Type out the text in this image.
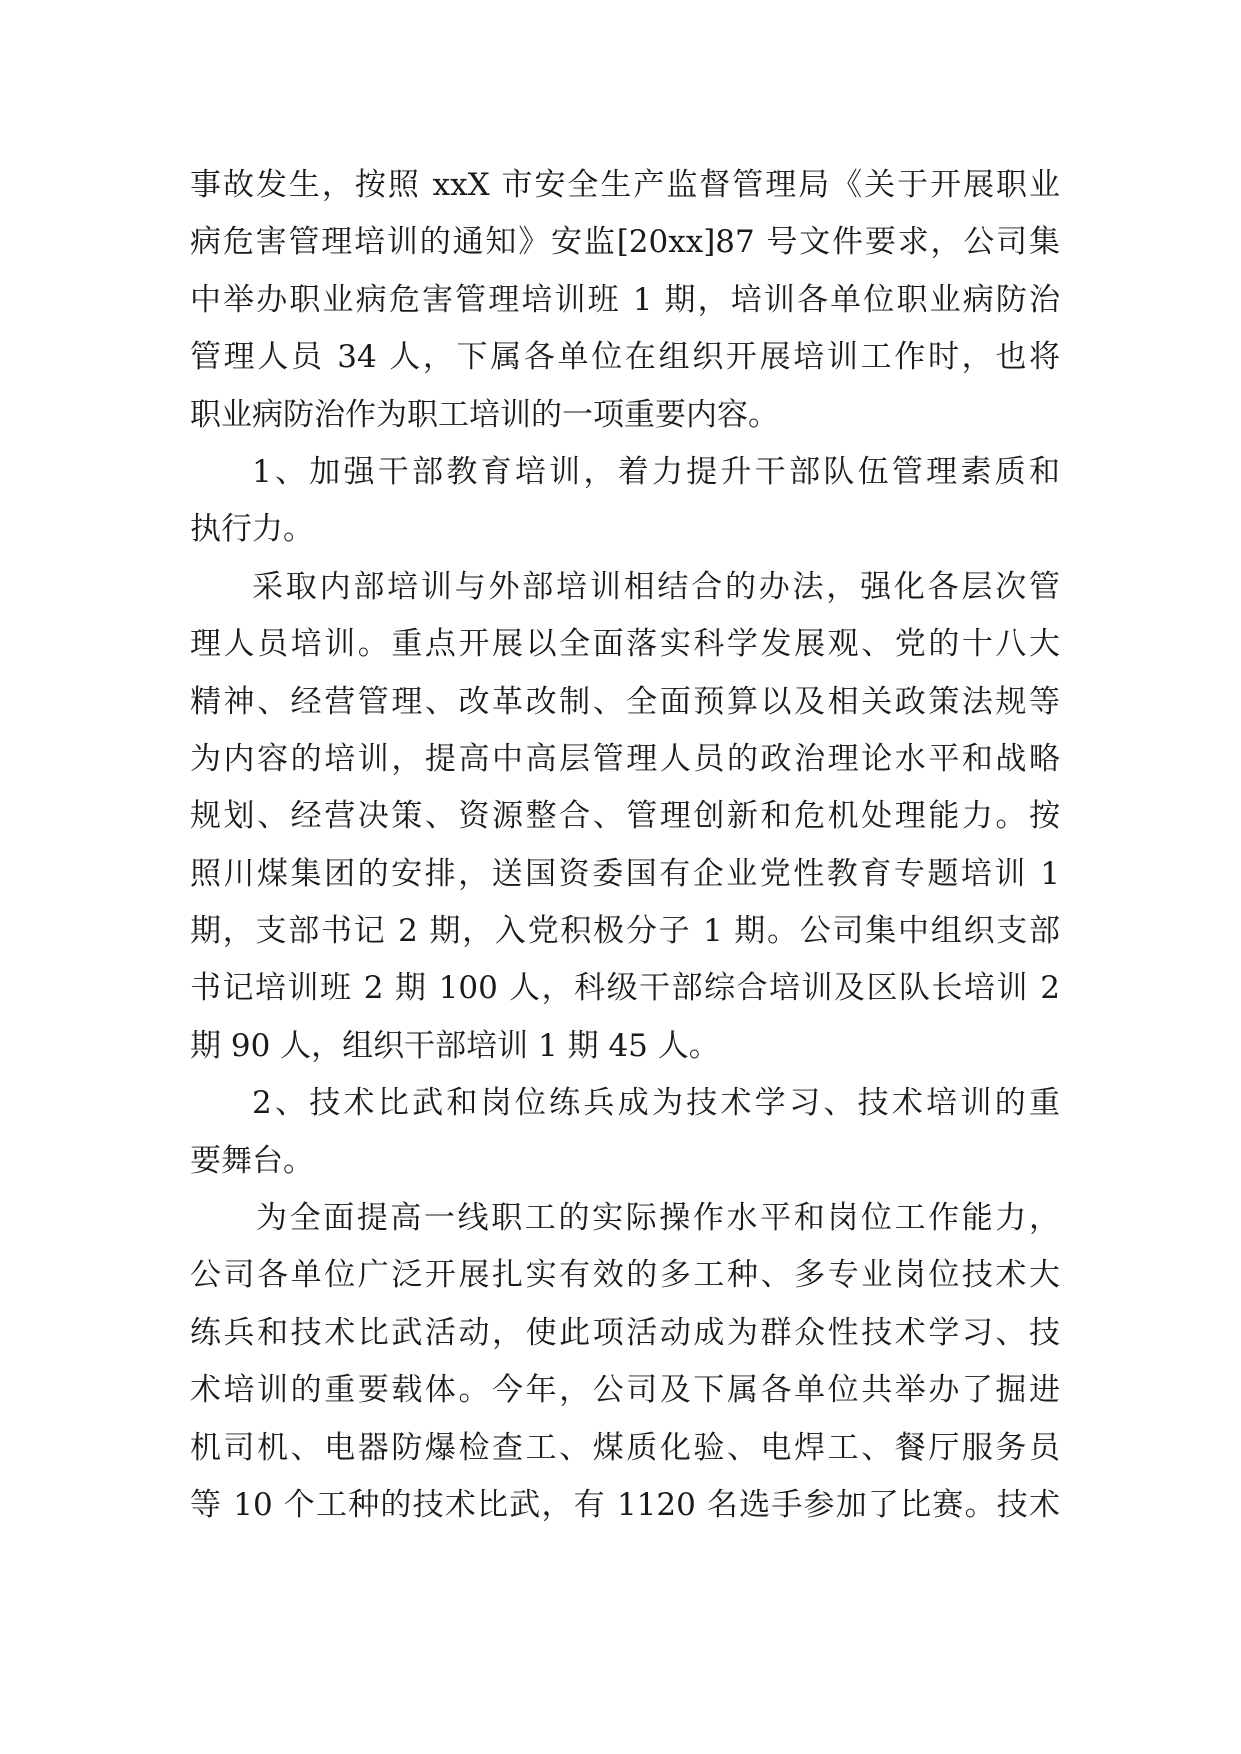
事故发生，按照 xxX 市安全生产监督管理局《关于开展职业
病危害管理培训的通知》安监[20xx]87 号文件要求，公司集
中举办职业病危害管理培训班 1 期，培训各单位职业病防治
管理人员 34 人，下属各单位在组织开展培训工作时，也将
职业病防治作为职工培训的一项重要内容。
1、加强干部教育培训，着力提升干部队伍管理素质和
执行力。
采取内部培训与外部培训相结合的办法，强化各层次管
理人员培训。重点开展以全面落实科学发展观、党的十八大
精神、经营管理、改革改制、全面预算以及相关政策法规等
为内容的培训，提高中高层管理人员的政治理论水平和战略
规划、经营决策、资源整合、管理创新和危机处理能力。按
照川煤集团的安排，送国资委国有企业党性教育专题培训 1
期，支部书记 2 期，入党积极分子 1 期。公司集中组织支部
书记培训班 2 期 100 人，科级干部综合培训及区队长培训 2
期 90 人，组织干部培训 1 期 45 人。
2、技术比武和岗位练兵成为技术学习、技术培训的重
要舞台。
为全面提高一线职工的实际操作水平和岗位工作能力，
公司各单位广泛开展扎实有效的多工种、多专业岗位技术大
练兵和技术比武活动，使此项活动成为群众性技术学习、技
术培训的重要载体。今年，公司及下属各单位共举办了掘进
机司机、电器防爆检查工、煤质化验、电焊工、餐厅服务员
等 10 个工种的技术比武，有 1120 名选手参加了比赛。技术
